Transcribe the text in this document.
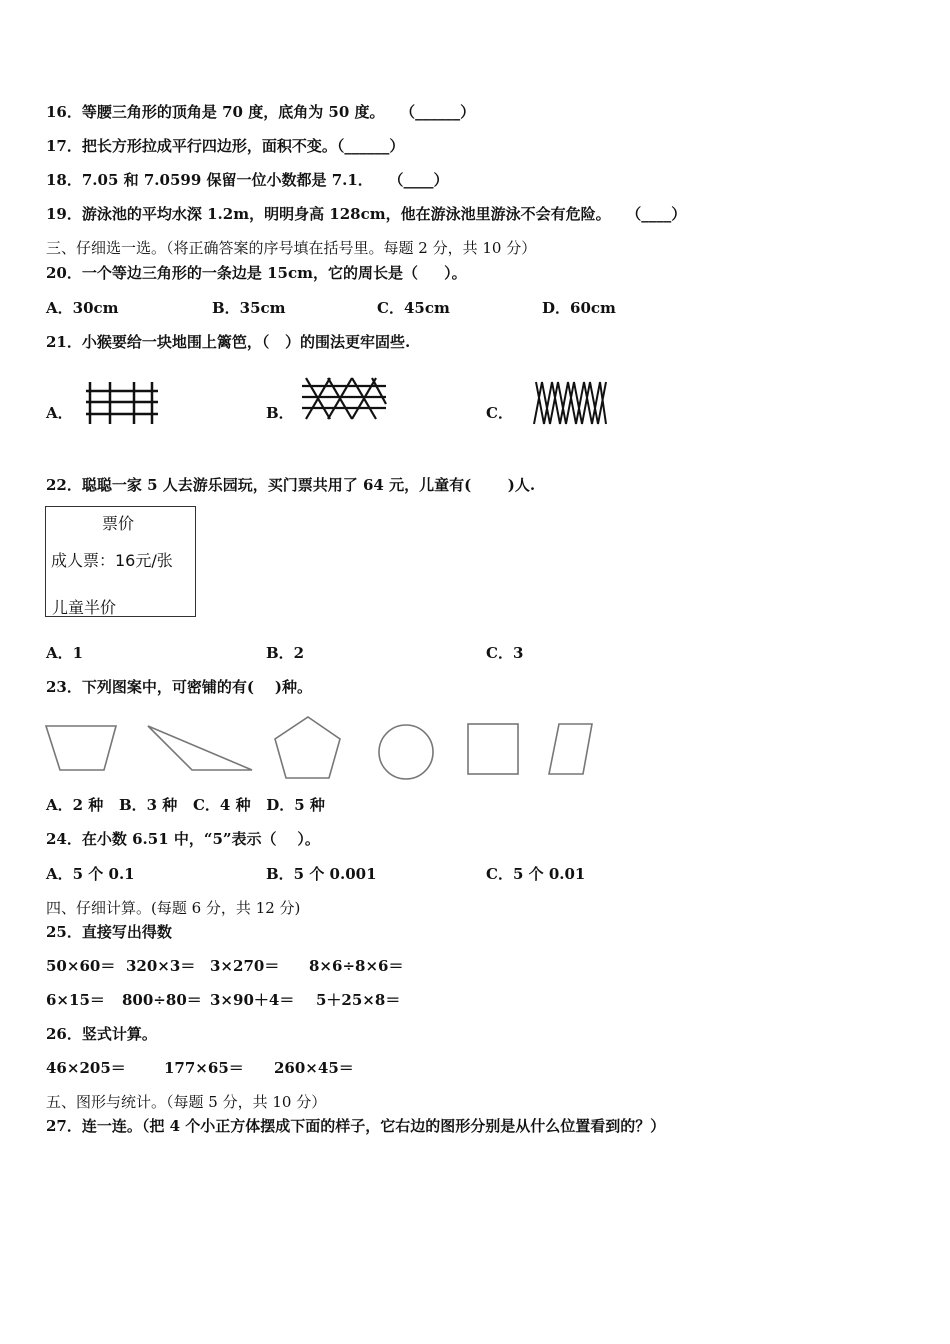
16．等腰三角形的顶角是 70 度，底角为 50 度。   （______）
17．把长方形拉成平行四边形，面积不变。（______）
18．7.05 和 7.0599 保留一位小数都是 7.1．   （____）
19．游泳池的平均水深 1.2m，明明身高 128cm，他在游泳池里游泳不会有危险。   （____）
三、仔细选一选。（将正确答案的序号填在括号里。每题 2 分，共 10 分）
20．一个等边三角形的一条边是 15cm，它的周长是（     ）。
A．30cm	B．35cm	C．45cm	D．60cm
21．小猴要给一块地围上篱笆，（   ）的围法更牢固些.
A．	B．	C．
22．聪聪一家 5 人去游乐园玩，买门票共用了 64 元，儿童有(       )人.
票价
成人票：16元/张
儿童半价
A．1	B．2	C．3
23．下列图案中，可密铺的有(    )种。
A．2 种   B．3 种   C．4 种   D．5 种
24．在小数 6.51 中，“5”表示（    ）。
A．5 个 0.1	B．5 个 0.001	C．5 个 0.01
四、仔细计算。(每题 6 分，共 12 分)
25．直接写出得数
50×60＝ 320×3＝ 3×270＝ 8×6÷8×6＝
6×15＝ 800÷80＝ 3×90＋4＝ 5＋25×8＝
26．竖式计算。
46×205＝	177×65＝ 260×45＝
五、图形与统计。（每题 5 分，共 10 分）
27．连一连。（把 4 个小正方体摆成下面的样子，它右边的图形分别是从什么位置看到的？）
